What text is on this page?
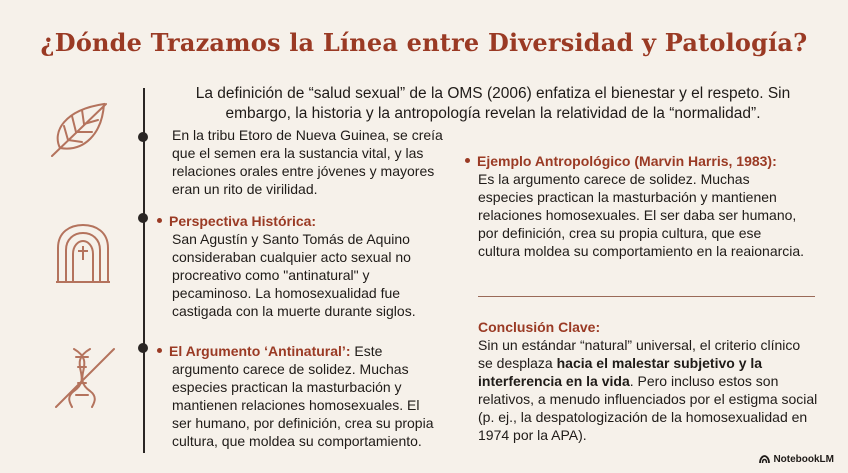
¿Dónde Trazamos la Línea entre Diversidad y Patología?
La definición de “salud sexual” de la OMS (2006) enfatiza el bienestar y el respeto. Sin embargo, la historia y la antropología revelan la relatividad de la “normalidad”.
En la tribu Etoro de Nueva Guinea, se creía que el semen era la sustancia vital, y las relaciones orales entre jóvenes y mayores eran un rito de virilidad.
Perspectiva Histórica:
San Agustín y Santo Tomás de Aquino consideraban cualquier acto sexual no procreativo como "antinatural" y pecaminoso. La homosexualidad fue castigada con la muerte durante siglos.
El Argumento ‘Antinatural’: Este
argumento carece de solidez. Muchas especies practican la masturbación y mantienen relaciones homosexuales. El ser humano, por definición, crea su propia cultura, que moldea su comportamiento.
Ejemplo Antropológico (Marvin Harris, 1983):
Es la argumento carece de solidez. Muchas especies practican la masturbación y mantienen relaciones homosexuales. El ser daba ser humano, por definición, crea su propia cultura, que ese cultura moldea su comportamiento en la reaionarcia.
Conclusión Clave:
Sin un estándar “natural” universal, el criterio clínico se desplaza hacia el malestar subjetivo y la interferencia en la vida. Pero incluso estos son relativos, a menudo influenciados por el estigma social (p. ej., la despatologización de la homosexualidad en 1974 por la APA).
NotebookLM
